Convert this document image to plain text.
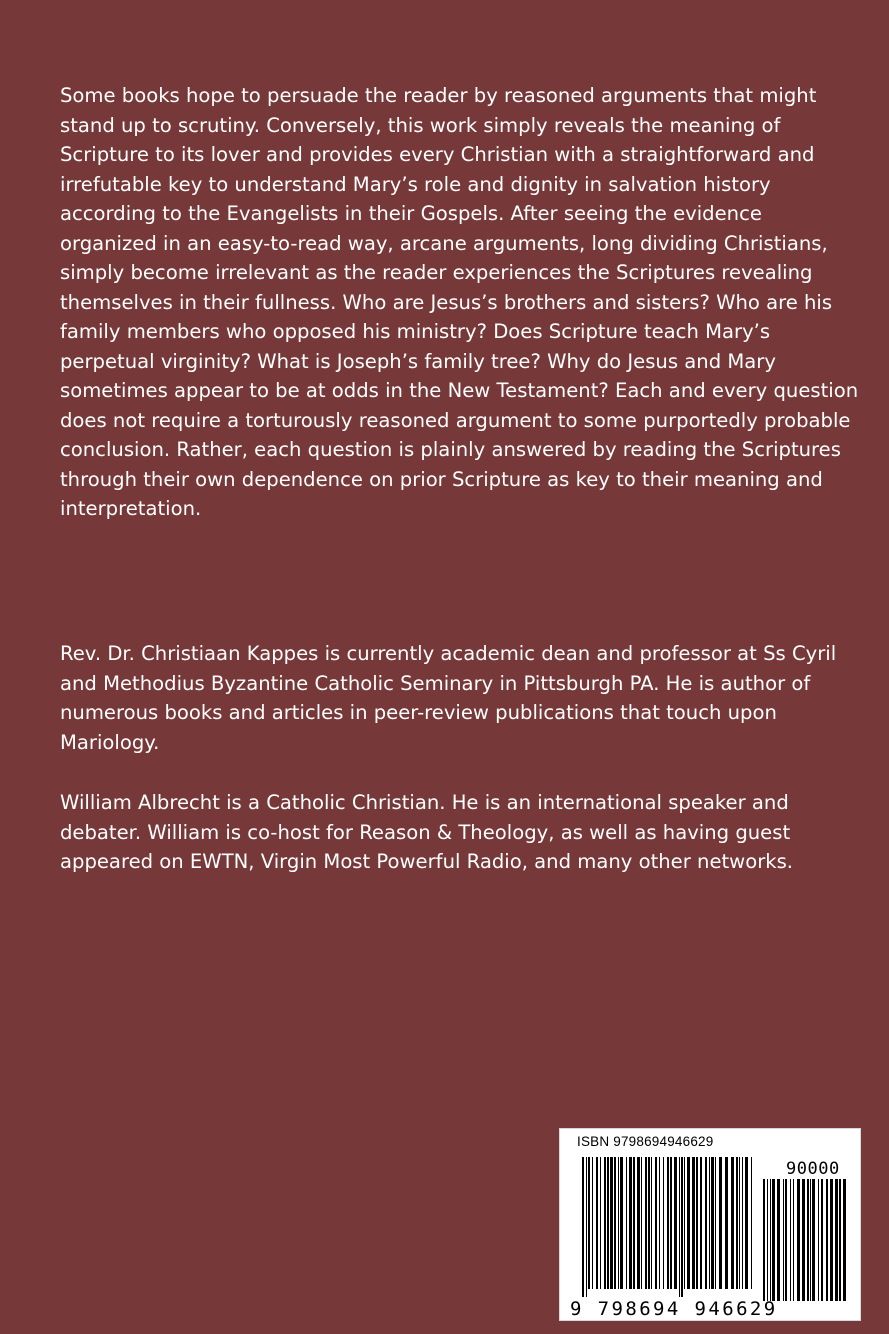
Some books hope to persuade the reader by reasoned arguments that might stand up to scrutiny. Conversely, this work simply reveals the meaning of Scripture to its lover and provides every Christian with a straightforward and irrefutable key to understand Mary’s role and dignity in salvation history according to the Evangelists in their Gospels. After seeing the evidence organized in an easy-to-read way, arcane arguments, long dividing Christians, simply become irrelevant as the reader experiences the Scriptures revealing themselves in their fullness. Who are Jesus’s brothers and sisters? Who are his family members who opposed his ministry? Does Scripture teach Mary’s perpetual virginity? What is Joseph’s family tree? Why do Jesus and Mary sometimes appear to be at odds in the New Testament? Each and every question does not require a torturously reasoned argument to some purportedly probable conclusion. Rather, each question is plainly answered by reading the Scriptures through their own dependence on prior Scripture as key to their meaning and interpretation.

Rev. Dr. Christiaan Kappes is currently academic dean and professor at Ss Cyril and Methodius Byzantine Catholic Seminary in Pittsburgh PA. He is author of numerous books and articles in peer-review publications that touch upon Mariology.

William Albrecht is a Catholic Christian. He is an international speaker and debater. William is co-host for Reason & Theology, as well as having guest appeared on EWTN, Virgin Most Powerful Radio, and many other networks.

ISBN 9798694946629
90000
9 798694 946629
